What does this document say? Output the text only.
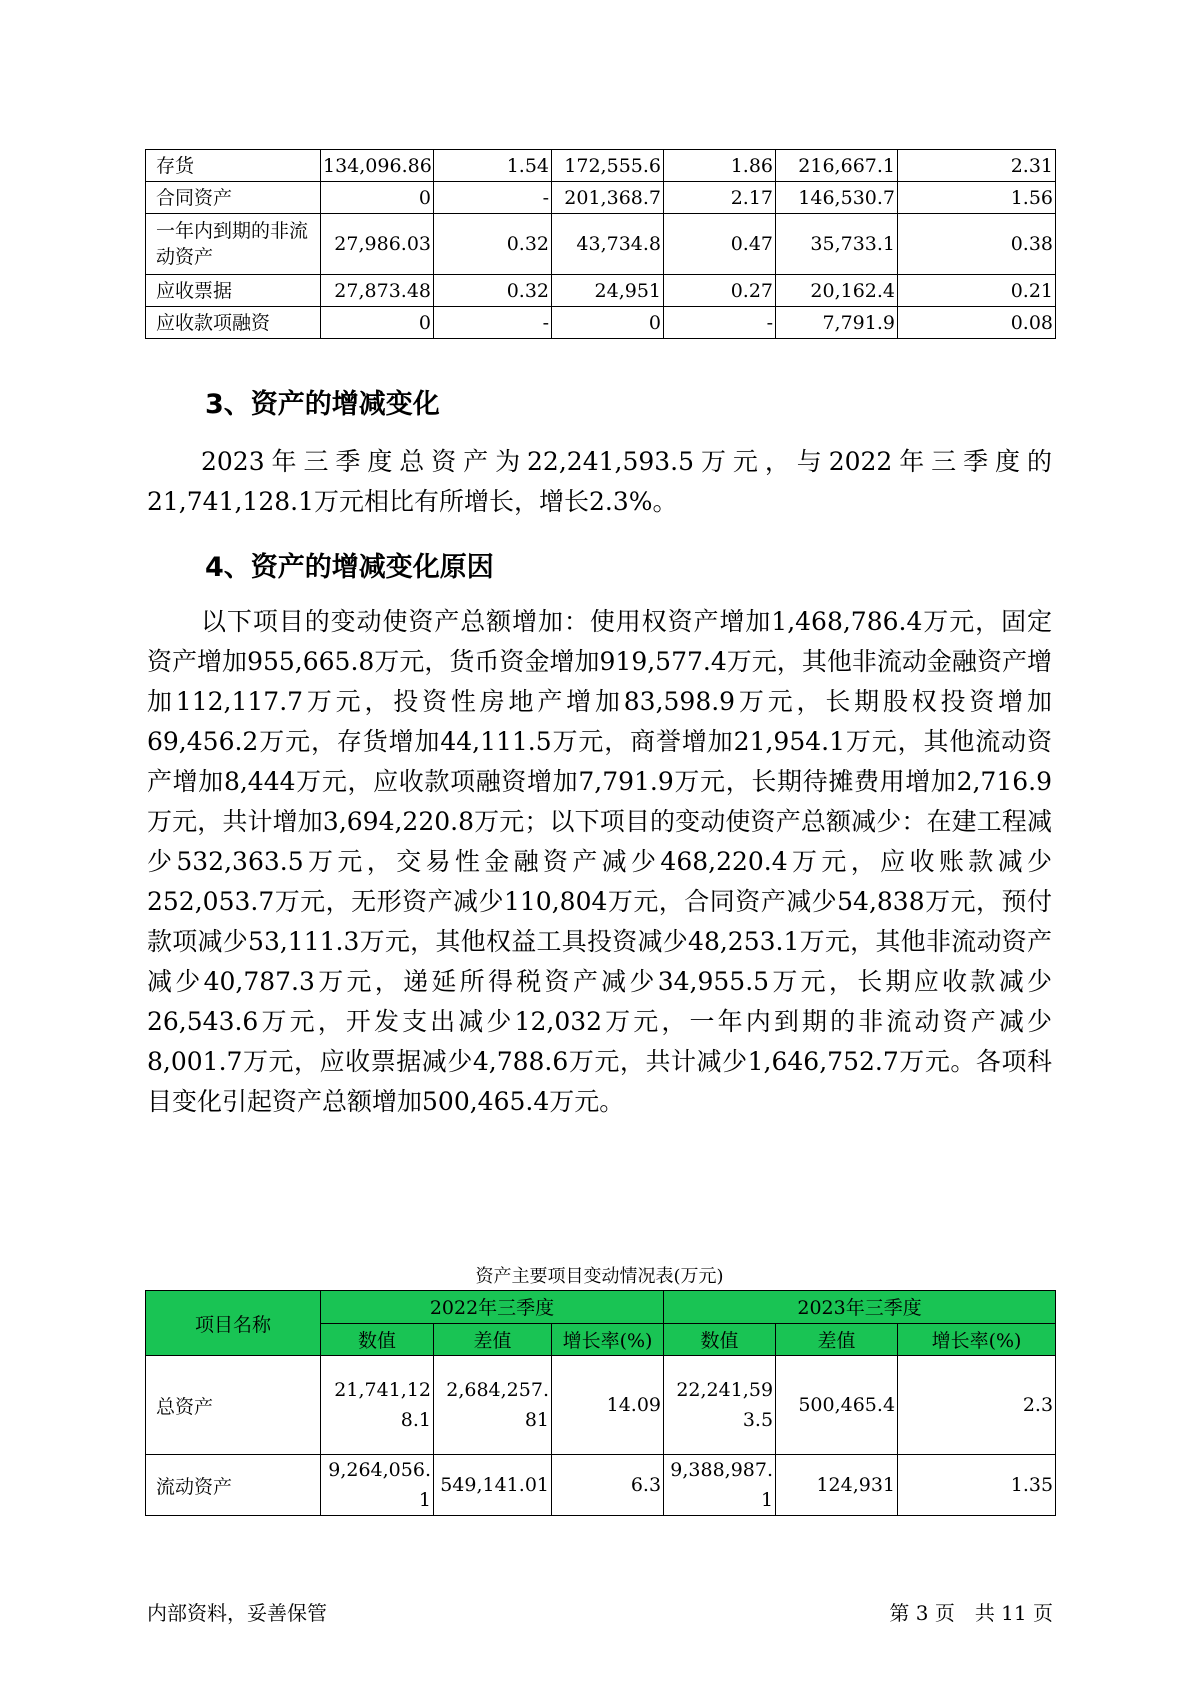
存货	134,096.86	1.54	172,555.6	1.86	216,667.1	2.31
合同资产	0	-	201,368.7	2.17	146,530.7	1.56
一年内到期的非流动资产	27,986.03	0.32	43,734.8	0.47	35,733.1	0.38
应收票据	27,873.48	0.32	24,951	0.27	20,162.4	0.21
应收款项融资	0	-	0	-	7,791.9	0.08
3、资产的增减变化

2023年三季度总资产为22,241,593.5万元，与2022年三季度的21,741,128.1万元相比有所增长，增长2.3%。

4、资产的增减变化原因

以下项目的变动使资产总额增加：使用权资产增加1,468,786.4万元，固定资产增加955,665.8万元，货币资金增加919,577.4万元，其他非流动金融资产增加112,117.7万元，投资性房地产增加83,598.9万元，长期股权投资增加69,456.2万元，存货增加44,111.5万元，商誉增加21,954.1万元，其他流动资产增加8,444万元，应收款项融资增加7,791.9万元，长期待摊费用增加2,716.9万元，共计增加3,694,220.8万元；以下项目的变动使资产总额减少：在建工程减少532,363.5万元，交易性金融资产减少468,220.4万元，应收账款减少252,053.7万元，无形资产减少110,804万元，合同资产减少54,838万元，预付款项减少53,111.3万元，其他权益工具投资减少48,253.1万元，其他非流动资产减少40,787.3万元，递延所得税资产减少34,955.5万元，长期应收款减少26,543.6万元，开发支出减少12,032万元，一年内到期的非流动资产减少8,001.7万元，应收票据减少4,788.6万元，共计减少1,646,752.7万元。各项科目变化引起资产总额增加500,465.4万元。

资产主要项目变动情况表(万元)
项目名称	2022年三季度			2023年三季度		
	数值	差值	增长率(%)	数值	差值	增长率(%)
总资产	21,741,128.1	2,684,257.81	14.09	22,241,593.5	500,465.4	2.3
流动资产	9,264,056.1	549,141.01	6.3	9,388,987.1	124,931	1.35
内部资料，妥善保管	第 3 页　共 11 页
